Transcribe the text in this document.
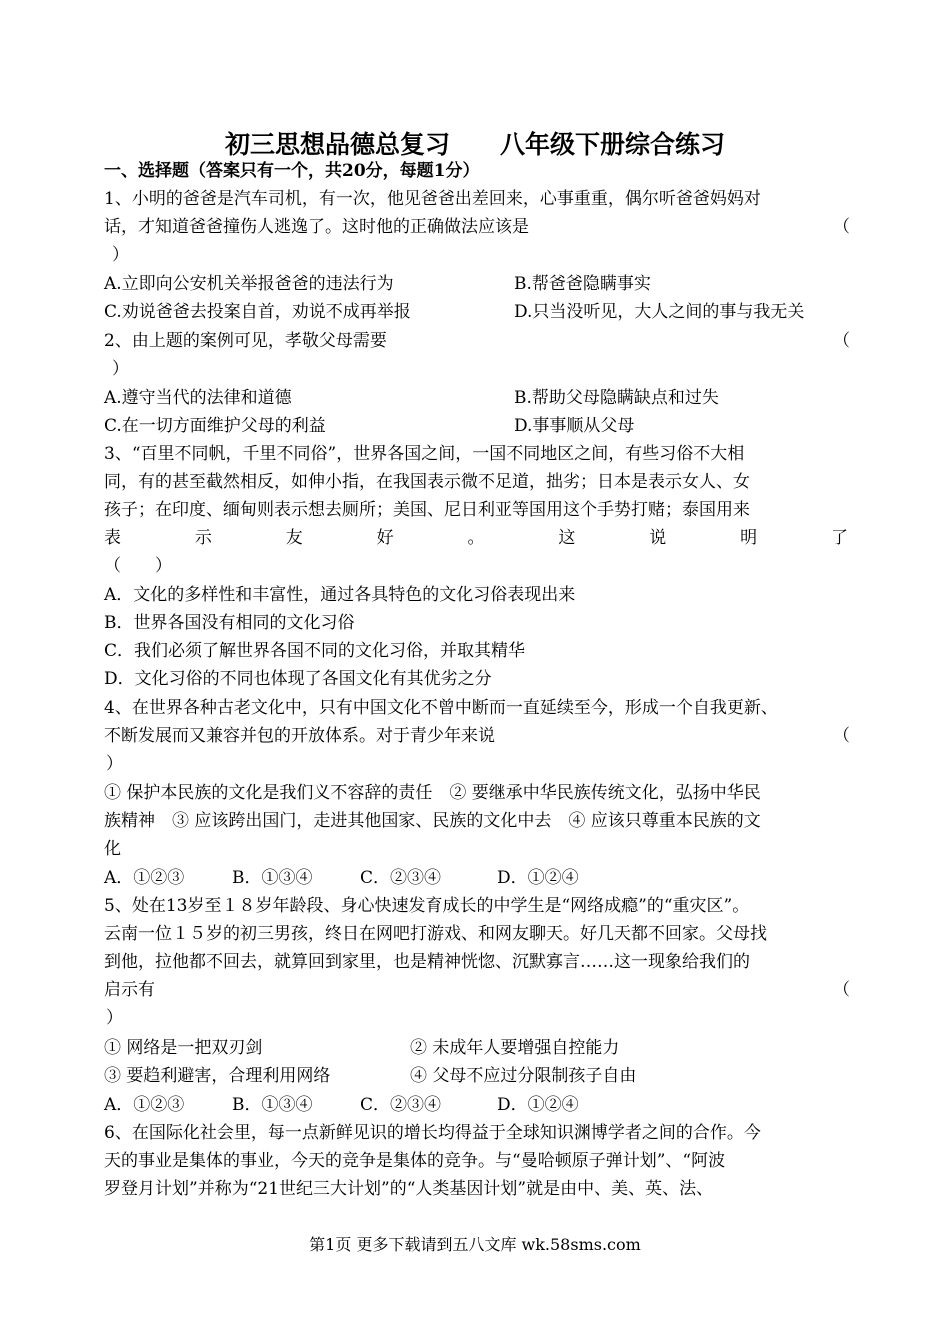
初三思想品德总复习　　八年级下册综合练习
一、选择题（答案只有一个，共20分，每题1分）
1、小明的爸爸是汽车司机，有一次，他见爸爸出差回来，心事重重，偶尔听爸爸妈妈对
话，才知道爸爸撞伤人逃逸了。这时他的正确做法应该是	（
）
A.立即向公安机关举报爸爸的违法行为	B.帮爸爸隐瞒事实
C.劝说爸爸去投案自首，劝说不成再举报	D.只当没听见，大人之间的事与我无关
2、由上题的案例可见，孝敬父母需要	（
）
A.遵守当代的法律和道德	B.帮助父母隐瞒缺点和过失
C.在一切方面维护父母的利益	D.事事顺从父母
3、“百里不同帆，千里不同俗”，世界各国之间，一国不同地区之间，有些习俗不大相
同，有的甚至截然相反，如伸小指，在我国表示微不足道，拙劣；日本是表示女人、女
孩子；在印度、缅甸则表示想去厕所；美国、尼日利亚等国用这个手势打赌；泰国用来
表	示	友	好	。	这	说	明	了
（　　）
A．文化的多样性和丰富性，通过各具特色的文化习俗表现出来
B．世界各国没有相同的文化习俗
C．我们必须了解世界各国不同的文化习俗，并取其精华
D．文化习俗的不同也体现了各国文化有其优劣之分
4、在世界各种古老文化中，只有中国文化不曾中断而一直延续至今，形成一个自我更新、
不断发展而又兼容并包的开放体系。对于青少年来说	（
）
① 保护本民族的文化是我们义不容辞的责任　② 要继承中华民族传统文化，弘扬中华民
族精神　③ 应该跨出国门，走进其他国家、民族的文化中去　④ 应该只尊重本民族的文
化
A．①②③	B．①③④	C．②③④	D．①②④
5、处在13岁至１８岁年龄段、身心快速发育成长的中学生是“网络成瘾”的“重灾区”。
云南一位１５岁的初三男孩，终日在网吧打游戏、和网友聊天。好几天都不回家。父母找
到他，拉他都不回去，就算回到家里，也是精神恍惚、沉默寡言……这一现象给我们的
启示有	（
）
① 网络是一把双刃剑	② 未成年人要增强自控能力
③ 要趋利避害，合理利用网络	④ 父母不应过分限制孩子自由
A．①②③	B．①③④	C．②③④	D．①②④
6、在国际化社会里，每一点新鲜见识的增长均得益于全球知识渊博学者之间的合作。今
天的事业是集体的事业，今天的竞争是集体的竞争。与“曼哈顿原子弹计划”、“阿波
罗登月计划”并称为“21世纪三大计划”的“人类基因计划”就是由中、美、英、法、
第1页 更多下载请到五八文库 wk.58sms.com
